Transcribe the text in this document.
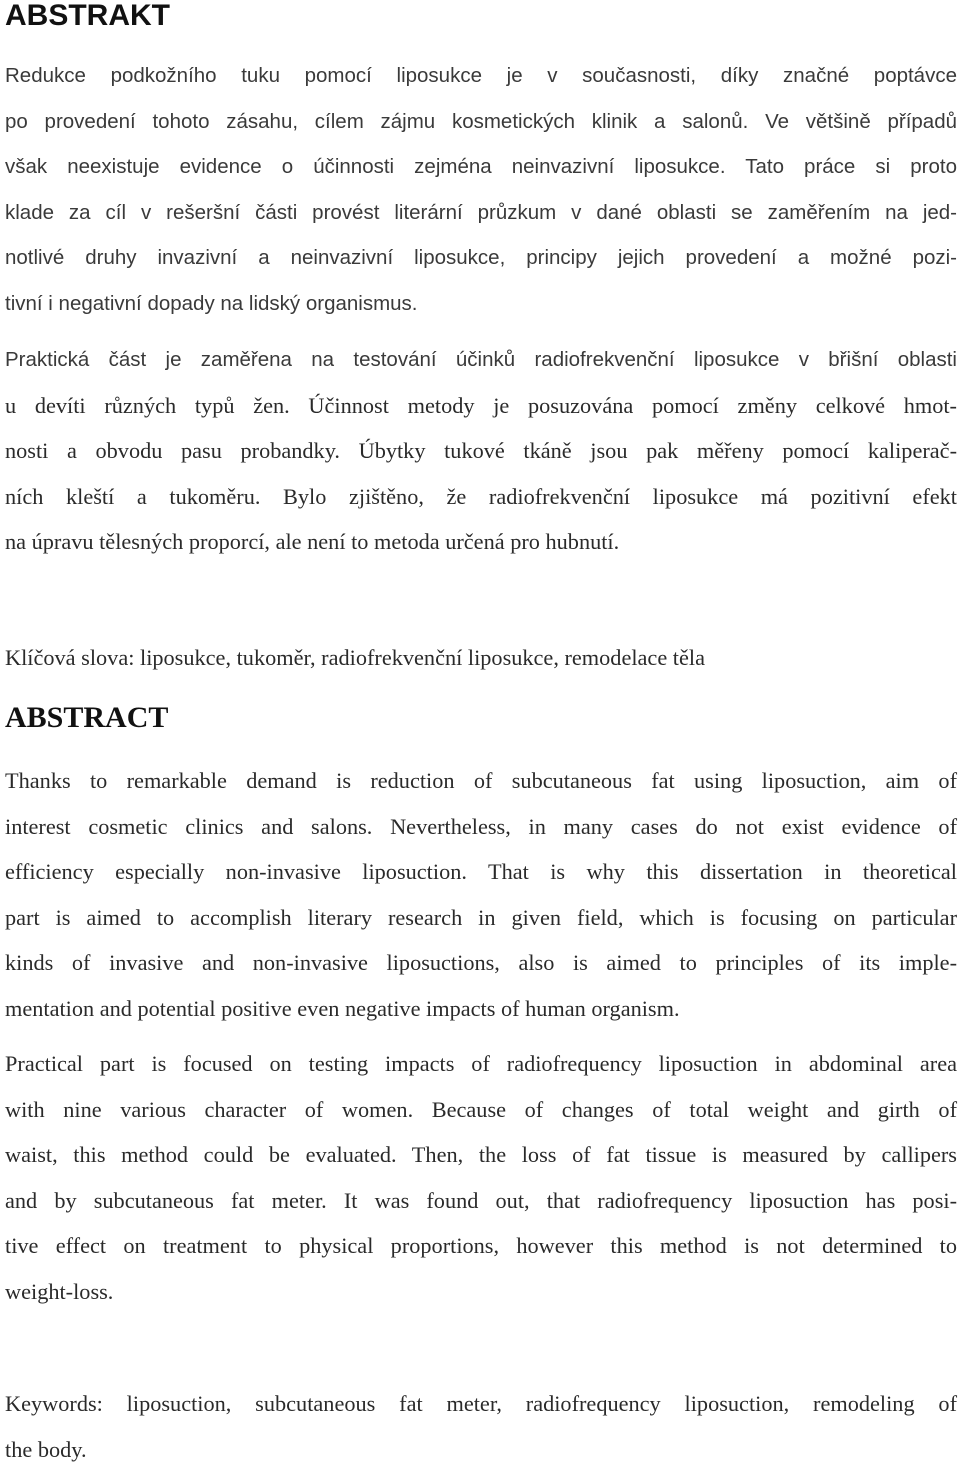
ABSTRAKT
Redukce podkožního tuku pomocí liposukce je v současnosti, díky značné poptávce
po provedení tohoto zásahu, cílem zájmu kosmetických klinik a salonů. Ve většině případů
však neexistuje evidence o účinnosti zejména neinvazivní liposukce. Tato práce si proto
klade za cíl v rešeršní části provést literární průzkum v dané oblasti se zaměřením na jed-
notlivé druhy invazivní a neinvazivní liposukce, principy jejich provedení a možné pozi-
tivní i negativní dopady na lidský organismus.
Praktická část je zaměřena na testování účinků radiofrekvenční liposukce v břišní oblasti
u devíti různých typů žen. Účinnost metody je posuzována pomocí změny celkové hmot-
nosti a obvodu pasu probandky. Úbytky tukové tkáně jsou pak měřeny pomocí kaliperač-
ních kleští a tukoměru. Bylo zjištěno, že radiofrekvenční liposukce má pozitivní efekt
na úpravu tělesných proporcí, ale není to metoda určená pro hubnutí.

Klíčová slova: liposukce, tukoměr, radiofrekvenční liposukce, remodelace těla

ABSTRACT
Thanks to remarkable demand is reduction of subcutaneous fat using liposuction, aim of
interest cosmetic clinics and salons. Nevertheless, in many cases do not exist evidence of
efficiency especially non-invasive liposuction. That is why this dissertation in theoretical
part is aimed to accomplish literary research in given field, which is focusing on particular
kinds of invasive and non-invasive liposuctions, also is aimed to principles of its imple-
mentation and potential positive even negative impacts of human organism.
Practical part is focused on testing impacts of radiofrequency liposuction in abdominal area
with nine various character of women. Because of changes of total weight and girth of
waist, this method could be evaluated. Then, the loss of fat tissue is measured by callipers
and by subcutaneous fat meter. It was found out, that radiofrequency liposuction has posi-
tive effect on treatment to physical proportions, however this method is not determined to
weight-loss.
Keywords: liposuction, subcutaneous fat meter, radiofrequency liposuction, remodeling of
the body.
